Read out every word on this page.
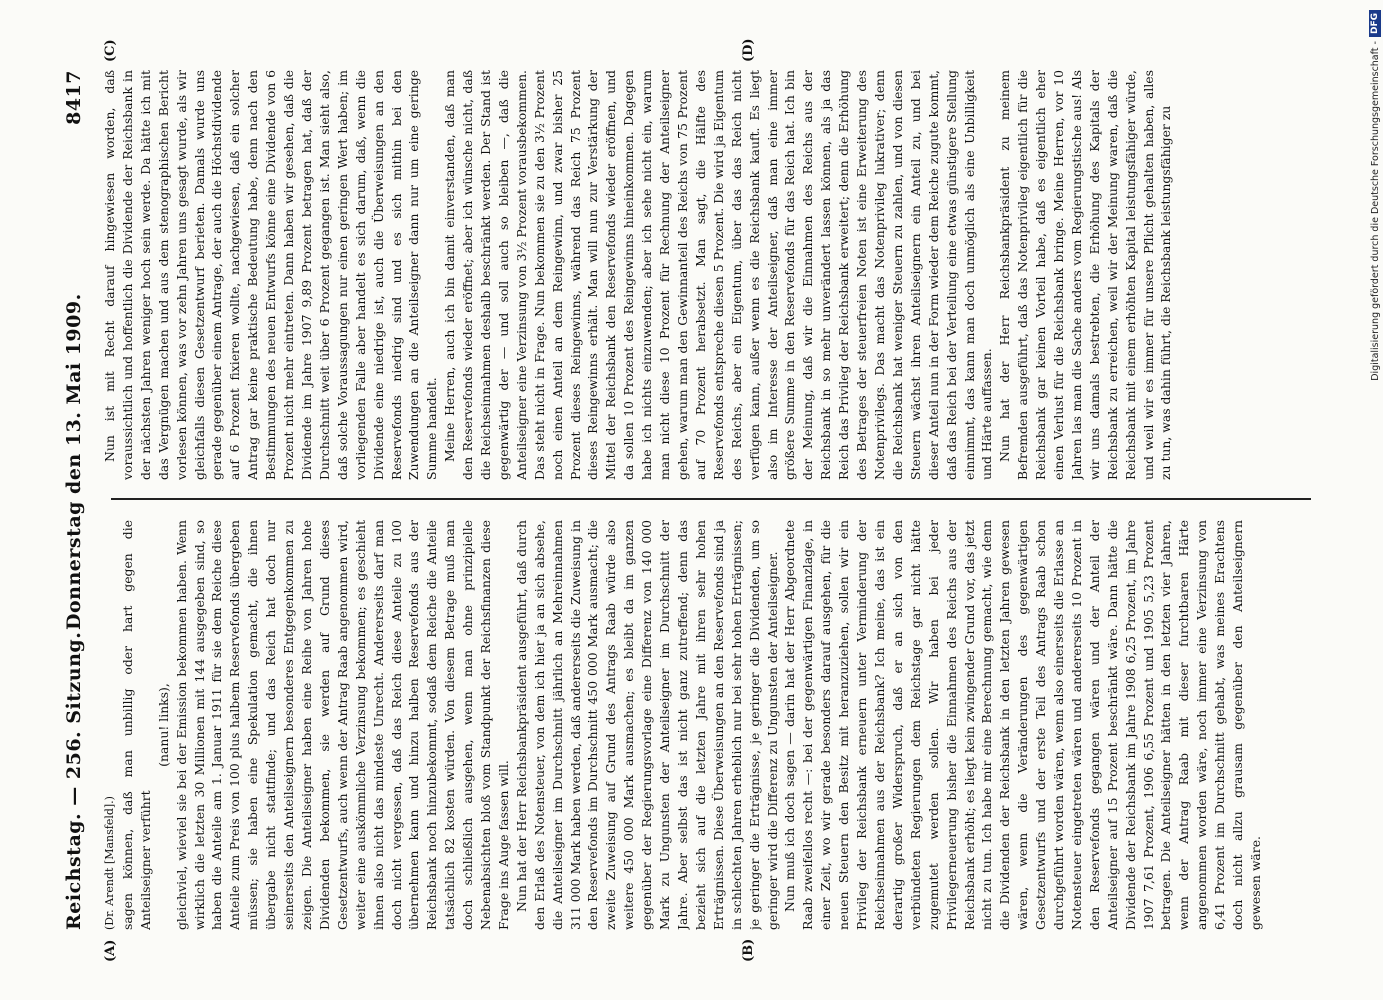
Reichstag. — 256. Sitzung.
Donnerstag den 13. Mai 1909.
8417
(A)	(B)
(C)	(D)

(Dr. Arendt [Mansfeld].) sagen können, daß man unbillig oder hart gegen die Anteilseigner verführt

(nanu! links), gleichviel, wieviel sie bei der Emission bekommen haben. Wenn wirklich die letzten 30 Millionen mit 144 ausgegeben sind, so haben die Anteile am 1. Januar 1911 für sie dem Reiche diese Anteile zum Preis von 100 plus halbem Reservefonds übergeben müssen; sie haben eine Spekulation gemacht, die ihnen übergabe nicht stattfinde; und das Reich hat doch nur seinerseits den Anteilseignern besonderes Entgegenkommen zu zeigen. Die Anteilseigner haben eine Reihe von Jahren hohe Dividenden bekommen, sie werden auf Grund dieses Gesetzentwurfs, auch wenn der Antrag Raab angenommen wird, weiter eine auskömmliche Verzinsung bekommen; es geschieht ihnen also nicht das mindeste Unrecht. Andererseits darf man doch nicht vergessen, daß das Reich diese Anteile zu 100 übernehmen kann und hinzu halben Reservefonds aus der Reichsbank noch hinzubekommt, sodaß dem Reiche die Anteile tatsächlich 82 kosten würden. Von diesem Betrage muß man doch schließlich ausgehen, wenn man ohne prinzipielle Nebenabsichten bloß vom Standpunkt der Reichsfinanzen diese Frage ins Auge fassen will. Nun hat der Herr Reichsbankpräsident ausgeführt, daß durch den Erlaß des Notensteuer, von dem ich hier ja an sich absehe, die Anteilseigner im Durchschnitt jährlich an Mehreinnahmen 311 000 Mark haben werden, daß andererseits die Zuweisung in den Reservefonds im Durchschnitt 450 000 Mark ausmacht; die zweite Zuweisung auf Grund des Antrags Raab würde also weitere 450 000 Mark ausmachen; es bleibt da im ganzen gegenüber der Regierungsvorlage eine Differenz von 140 000 Mark zu Ungunsten der Anteilseigner im Durchschnitt der Jahre. Aber selbst das ist nicht ganz zutreffend; denn das bezieht sich auf die letzten Jahre mit ihren sehr hohen Erträgnissen. Diese Überweisungen an den Reservefonds sind ja in schlechten Jahren erheblich nur bei sehr hohen Erträgnissen; je geringer die Erträgnisse, je geringer die Dividenden, um so geringer wird die Differenz zu Ungunsten der Anteilseigner. Nun muß ich doch sagen — darin hat der Herr Abgeordnete Raab zweifellos recht —: bei der gegenwärtigen Finanzlage, in einer Zeit, wo wir gerade besonders darauf ausgehen, für die neuen Steuern den Besitz mit heranzuziehen, sollen wir ein Privileg der Reichsbank erneuern unter Verminderung der Reichseinnahmen aus der Reichsbank? Ich meine, das ist ein derartig großer Widerspruch, daß er an sich von den verbündeten Regierungen dem Reichstage gar nicht hätte zugemutet werden sollen. Wir haben bei jeder Privilegerneuerung bisher die Einnahmen des Reichs aus der Reichsbank erhöht; es liegt kein zwingender Grund vor, das jetzt nicht zu tun. Ich habe mir eine Berechnung gemacht, wie denn die Dividenden der Reichsbank in den letzten Jahren gewesen wären, wenn die Veränderungen des gegenwärtigen Gesetzentwurfs und der erste Teil des Antrags Raab schon durchgeführt worden wären, wenn also einerseits die Erlasse an Notensteuer eingetreten wären und andererseits 10 Prozent in den Reservefonds gegangen wären und der Anteil der Anteilseigner auf 15 Prozent beschränkt wäre. Dann hätte die Dividende der Reichsbank im Jahre 1908 6,25 Prozent, im Jahre 1907 7,61 Prozent, 1906 6,55 Prozent und 1905 5,23 Prozent betragen. Die Anteilseigner hätten in den letzten vier Jahren, wenn der Antrag Raab mit dieser furchtbaren Härte angenommen worden wäre, noch immer eine Verzinsung von 6,41 Prozent im Durchschnitt gehabt, was meines Erachtens doch nicht allzu grausam gegenüber den Anteilseignern gewesen wäre.

Nun ist mit Recht darauf hingewiesen worden, daß voraussichtlich und hoffentlich die Dividende der Reichsbank in der nächsten Jahren weniger hoch sein werde. Da hätte ich mit das Vergnügen machen und aus dem stenographischen Bericht vorlesen können, was vor zehn Jahren uns gesagt wurde, als wir gleichfalls diesen Gesetzentwurf berieten. Damals wurde uns gerade gegenüber einem Antrage, der auch die Höchstdividende auf 6 Prozent fixieren wollte, nachgewiesen, daß ein solcher Antrag gar keine praktische Bedeutung habe, denn nach den Bestimmungen des neuen Entwurfs könne eine Dividende von 6 Prozent nicht mehr eintreten. Dann haben wir gesehen, daß die Dividende im Jahre 1907 9,89 Prozent betragen hat, daß der Durchschnitt weit über 6 Prozent gegangen ist. Man sieht also, daß solche Voraussagungen nur einen geringen Wert haben; im vorliegenden Falle aber handelt es sich darum, daß, wenn die Dividende eine niedrige ist, auch die Überweisungen an den Reservefonds niedrig sind und es sich mithin bei den Zuwendungen an die Anteilseigner dann nur um eine geringe Summe handelt. Meine Herren, auch ich bin damit einverstanden, daß man den Reservefonds wieder eröffnet; aber ich wünsche nicht, daß die Reichseinnahmen deshalb beschränkt werden. Der Stand ist gegenwärtig der — und soll auch so bleiben —, daß die Anteilseigner eine Verzinsung von 3½ Prozent vorausbekommen. Das steht nicht in Frage. Nun bekommen sie zu den 3½ Prozent noch einen Anteil an dem Reingewinn, und zwar bisher 25 Prozent dieses Reingewinns, während das Reich 75 Prozent dieses Reingewinns erhält. Man will nun zur Verstärkung der Mittel der Reichsbank den Reservefonds wieder eröffnen, und da sollen 10 Prozent des Reingewinns hineinkommen. Dagegen habe ich nichts einzuwenden; aber ich sehe nicht ein, warum man nicht diese 10 Prozent für Rechnung der Anteilseigner gehen, warum man den Gewinnanteil des Reichs von 75 Prozent auf 70 Prozent herabsetzt. Man sagt, die Hälfte des Reservefonds entspreche diesen 5 Prozent. Die wird ja Eigentum des Reichs, aber ein Eigentum, über das das Reich nicht verfügen kann, außer wenn es die Reichsbank kauft. Es liegt also im Interesse der Anteilseigner, daß man eine immer größere Summe in den Reservefonds für das Reich hat. Ich bin der Meinung, daß wir die Einnahmen des Reichs aus der Reichsbank in so mehr unverändert lassen können, als ja das Reich das Privileg der Reichsbank erweitert; denn die Erhöhung des Betrages der steuerfreien Noten ist eine Erweiterung des Notenprivilegs. Das macht das Notenprivileg lukrativer; denn die Reichsbank hat weniger Steuern zu zahlen, und von diesen Steuern wächst ihren Anteilseignern ein Anteil zu, und bei dieser Anteil nun in der Form wieder dem Reiche zugute kommt, daß das Reich bei der Verteilung eine etwas günstigere Stellung einnimmt, das kann man doch unmöglich als eine Unbilligkeit und Härte auffassen. Nun hat der Herr Reichsbankpräsident zu meinem Befremden ausgeführt, daß das Notenprivileg eigentlich für die Reichsbank gar keinen Vorteil habe, daß es eigentlich eher einen Verlust für die Reichsbank bringe. Meine Herren, vor 10 Jahren las man die Sache anders vom Regierungstische aus! Als wir uns damals bestrebten, die Erhöhung des Kapitals der Reichsbank zu erreichen, weil wir der Meinung waren, daß die Reichsbank mit einem erhöhten Kapital leistungsfähiger würde, und weil wir es immer für unsere Pflicht gehalten haben, alles zu tun, was dahin führt, die Reichsbank leistungsfähiger zu

DFG
Digitalisierung gefördert durch die Deutsche Forschungsgemeinschaft -
